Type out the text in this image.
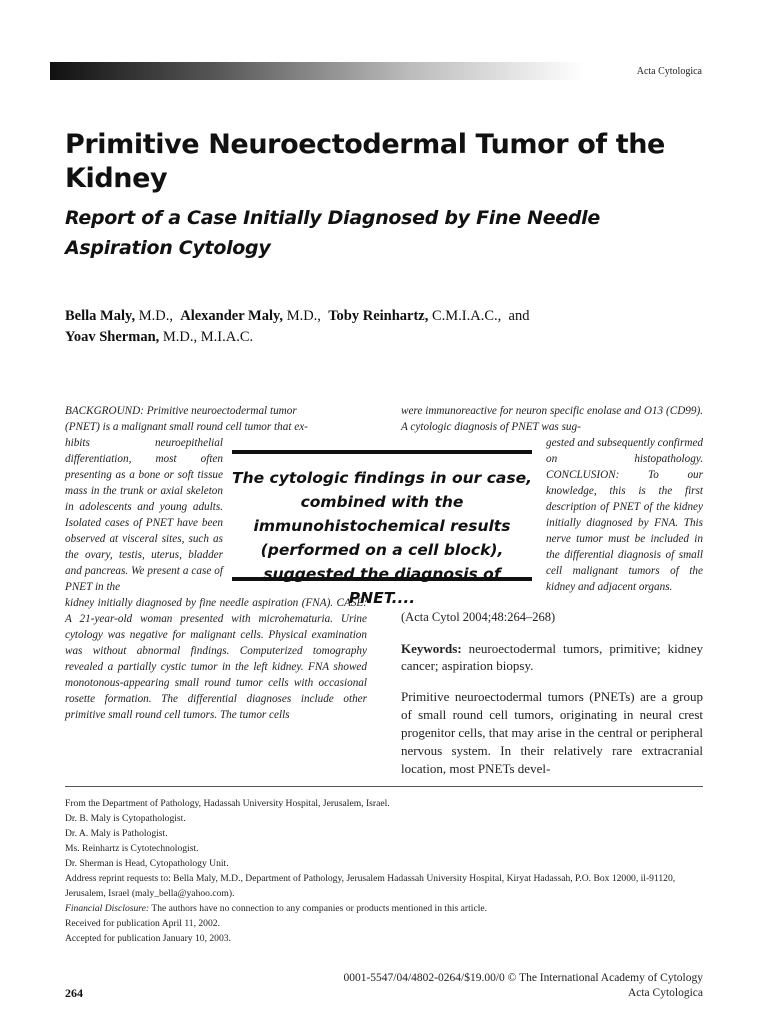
Acta Cytologica
Primitive Neuroectodermal Tumor of the Kidney
Report of a Case Initially Diagnosed by Fine Needle Aspiration Cytology
Bella Maly, M.D., Alexander Maly, M.D., Toby Reinhartz, C.M.I.A.C., and
Yoav Sherman, M.D., M.I.A.C.
BACKGROUND: Primitive neuroectodermal tumor
(PNET) is a malignant small round cell tumor that ex-
hibits neuroepithelial differentiation, most often presenting as a bone or soft tissue mass in the trunk or axial skeleton in adolescents and young adults. Isolated cases of PNET have been observed at visceral sites, such as the ovary, testis, uterus, bladder and pancreas. We present a case of PNET in the
were immunoreactive for neuron specific enolase and O13 (CD99). A cytologic diagnosis of PNET was sug-
gested and subsequently confirmed on histopathology. CONCLUSION: To our knowledge, this is the first description of PNET of the kidney initially diagnosed by FNA. This nerve tumor must be included in the differential diagnosis of small cell malignant tumors of the kidney and adjacent organs.
The cytologic findings in our case, combined with the immunohistochemical results (performed on a cell block), suggested the diagnosis of PNET....
kidney initially diagnosed by fine needle aspiration (FNA). CASE: A 21-year-old woman presented with microhematuria. Urine cytology was negative for malignant cells. Physical examination was without abnormal findings. Computerized tomography revealed a partially cystic tumor in the left kidney. FNA showed monotonous-appearing small round tumor cells with occasional rosette formation. The differential diagnoses include other primitive small round cell tumors. The tumor cells
(Acta Cytol 2004;48:264–268)
Keywords: neuroectodermal tumors, primitive; kidney cancer; aspiration biopsy.
Primitive neuroectodermal tumors (PNETs) are a group of small round cell tumors, originating in neural crest progenitor cells, that may arise in the central or peripheral nervous system. In their relatively rare extracranial location, most PNETs devel-

From the Department of Pathology, Hadassah University Hospital, Jerusalem, Israel.

Dr. B. Maly is Cytopathologist.

Dr. A. Maly is Pathologist.

Ms. Reinhartz is Cytotechnologist.

Dr. Sherman is Head, Cytopathology Unit.

Address reprint requests to: Bella Maly, M.D., Department of Pathology, Jerusalem Hadassah University Hospital, Kiryat Hadassah, P.O. Box 12000, il-91120, Jerusalem, Israel (maly_bella@yahoo.com).

Financial Disclosure: The authors have no connection to any companies or products mentioned in this article.

Received for publication April 11, 2002.

Accepted for publication January 10, 2003.

0001-5547/04/4802-0264/$19.00/0 © The International Academy of Cytology
Acta Cytologica
264
